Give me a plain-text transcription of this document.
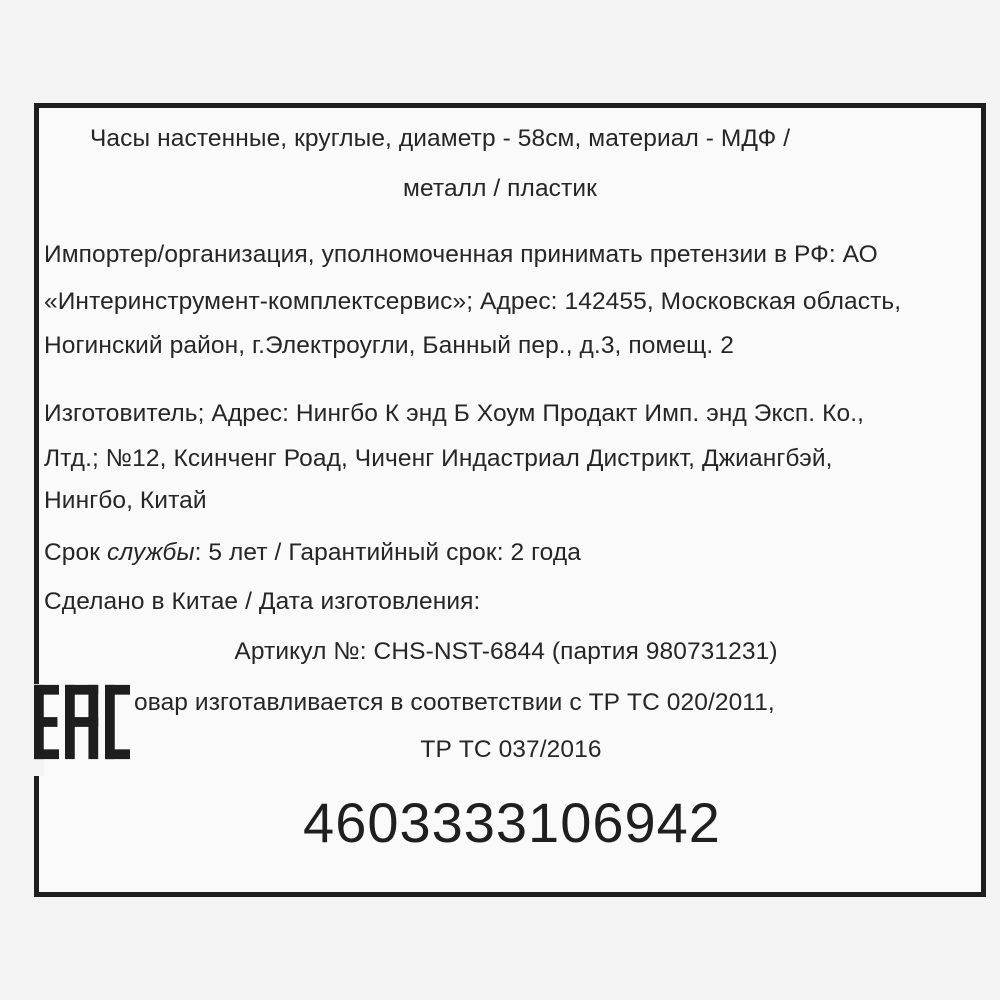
Часы настенные, круглые, диаметр - 58см, материал - МДФ /
металл / пластик
Импортер/организация, уполномоченная принимать претензии в РФ: АО
«Интеринструмент-комплектсервис»; Адрес: 142455, Московская область,
Ногинский район, г.Электроугли, Банный пер., д.3, помещ. 2
Изготовитель; Адрес: Нингбо К энд Б Хоум Продакт Имп. энд Эксп. Ко.,
Лтд.; №12, Ксинченг Роад, Чиченг Индастриал Дистрикт, Джиангбэй,
Нингбо, Китай
Срок службы: 5 лет / Гарантийный срок: 2 года
Сделано в Китае / Дата изготовления:
Артикул №: CHS-NST-6844 (партия 980731231)
овар изготавливается в соответствии с ТР ТС 020/2011,
ТР ТС 037/2016
4603333106942
